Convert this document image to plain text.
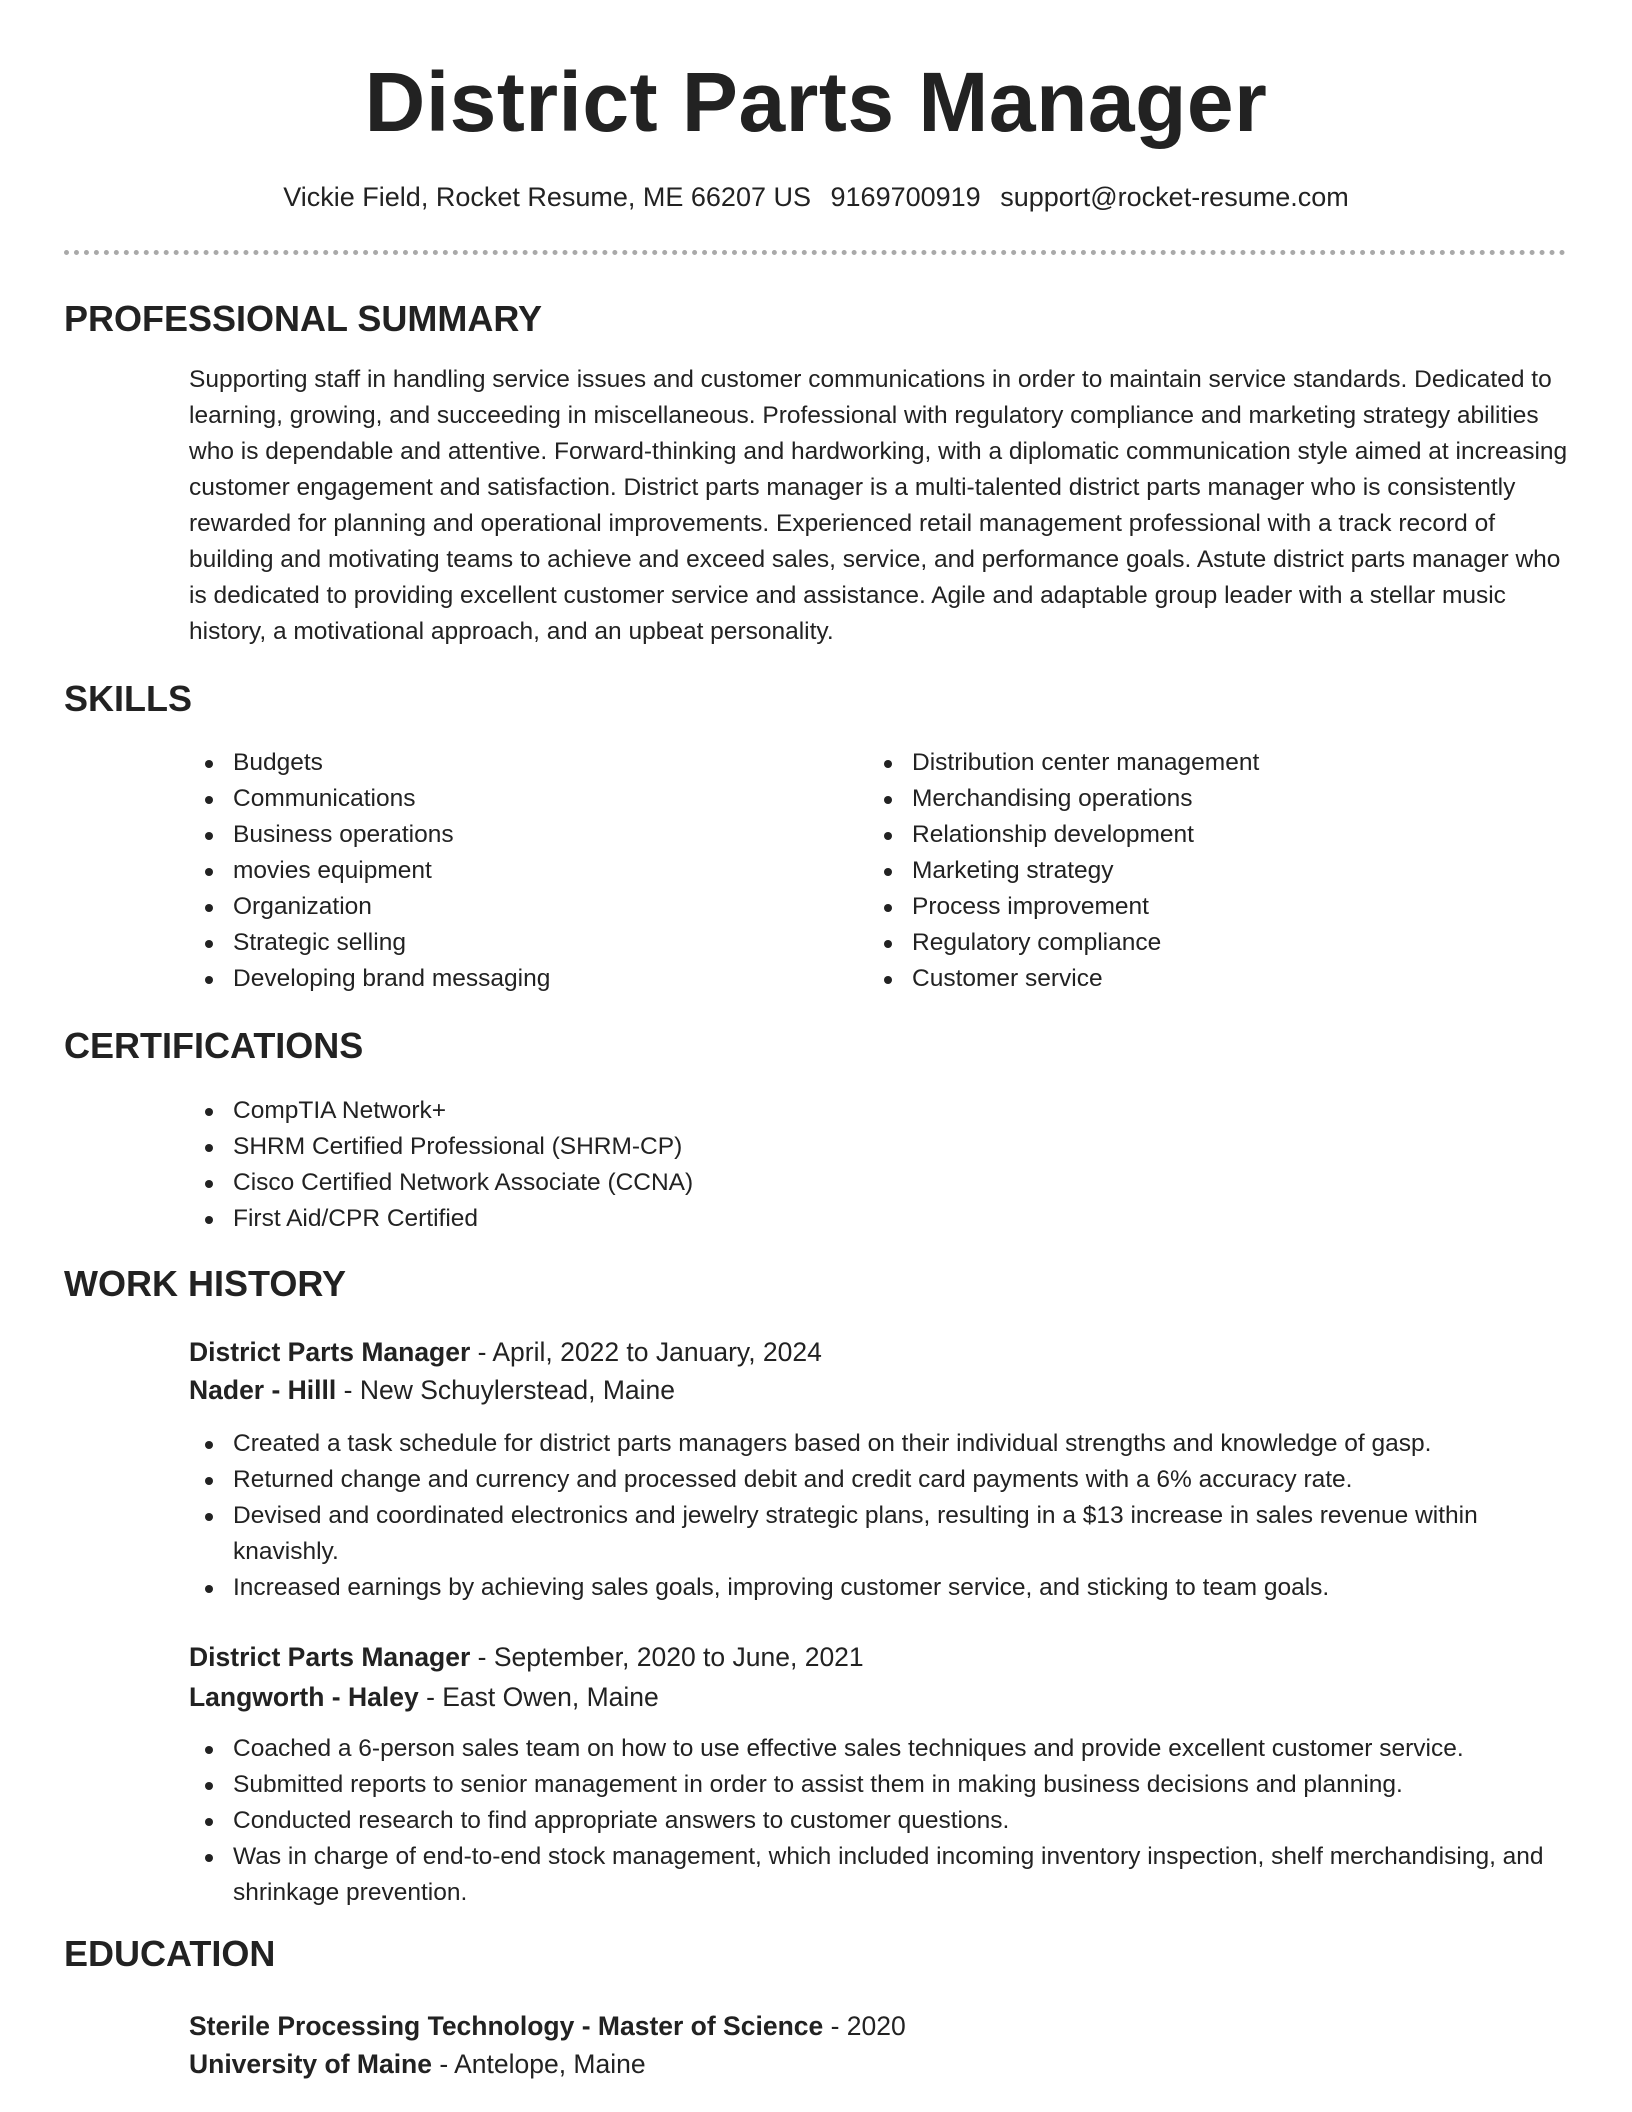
District Parts Manager
Vickie Field, Rocket Resume, ME 66207 US 9169700919 support@rocket-resume.com
PROFESSIONAL SUMMARY

Supporting staff in handling service issues and customer communications in order to maintain service standards. Dedicated to learning, growing, and succeeding in miscellaneous. Professional with regulatory compliance and marketing strategy abilities who is dependable and attentive. Forward-thinking and hardworking, with a diplomatic communication style aimed at increasing customer engagement and satisfaction. District parts manager is a multi-talented district parts manager who is consistently rewarded for planning and operational improvements. Experienced retail management professional with a track record of building and motivating teams to achieve and exceed sales, service, and performance goals. Astute district parts manager who is dedicated to providing excellent customer service and assistance. Agile and adaptable group leader with a stellar music history, a motivational approach, and an upbeat personality.

SKILLS
Budgets
Communications
Business operations
movies equipment
Organization
Strategic selling
Developing brand messaging
Distribution center management
Merchandising operations
Relationship development
Marketing strategy
Process improvement
Regulatory compliance
Customer service
CERTIFICATIONS
CompTIA Network+
SHRM Certified Professional (SHRM-CP)
Cisco Certified Network Associate (CCNA)
First Aid/CPR Certified
WORK HISTORY
District Parts Manager - April, 2022 to January, 2024
Nader - Hilll - New Schuylerstead, Maine
Created a task schedule for district parts managers based on their individual strengths and knowledge of gasp.
Returned change and currency and processed debit and credit card payments with a 6% accuracy rate.
Devised and coordinated electronics and jewelry strategic plans, resulting in a $13 increase in sales revenue within knavishly.
Increased earnings by achieving sales goals, improving customer service, and sticking to team goals.
District Parts Manager - September, 2020 to June, 2021
Langworth - Haley - East Owen, Maine
Coached a 6-person sales team on how to use effective sales techniques and provide excellent customer service.
Submitted reports to senior management in order to assist them in making business decisions and planning.
Conducted research to find appropriate answers to customer questions.
Was in charge of end-to-end stock management, which included incoming inventory inspection, shelf merchandising, and shrinkage prevention.
EDUCATION
Sterile Processing Technology - Master of Science - 2020
University of Maine - Antelope, Maine
